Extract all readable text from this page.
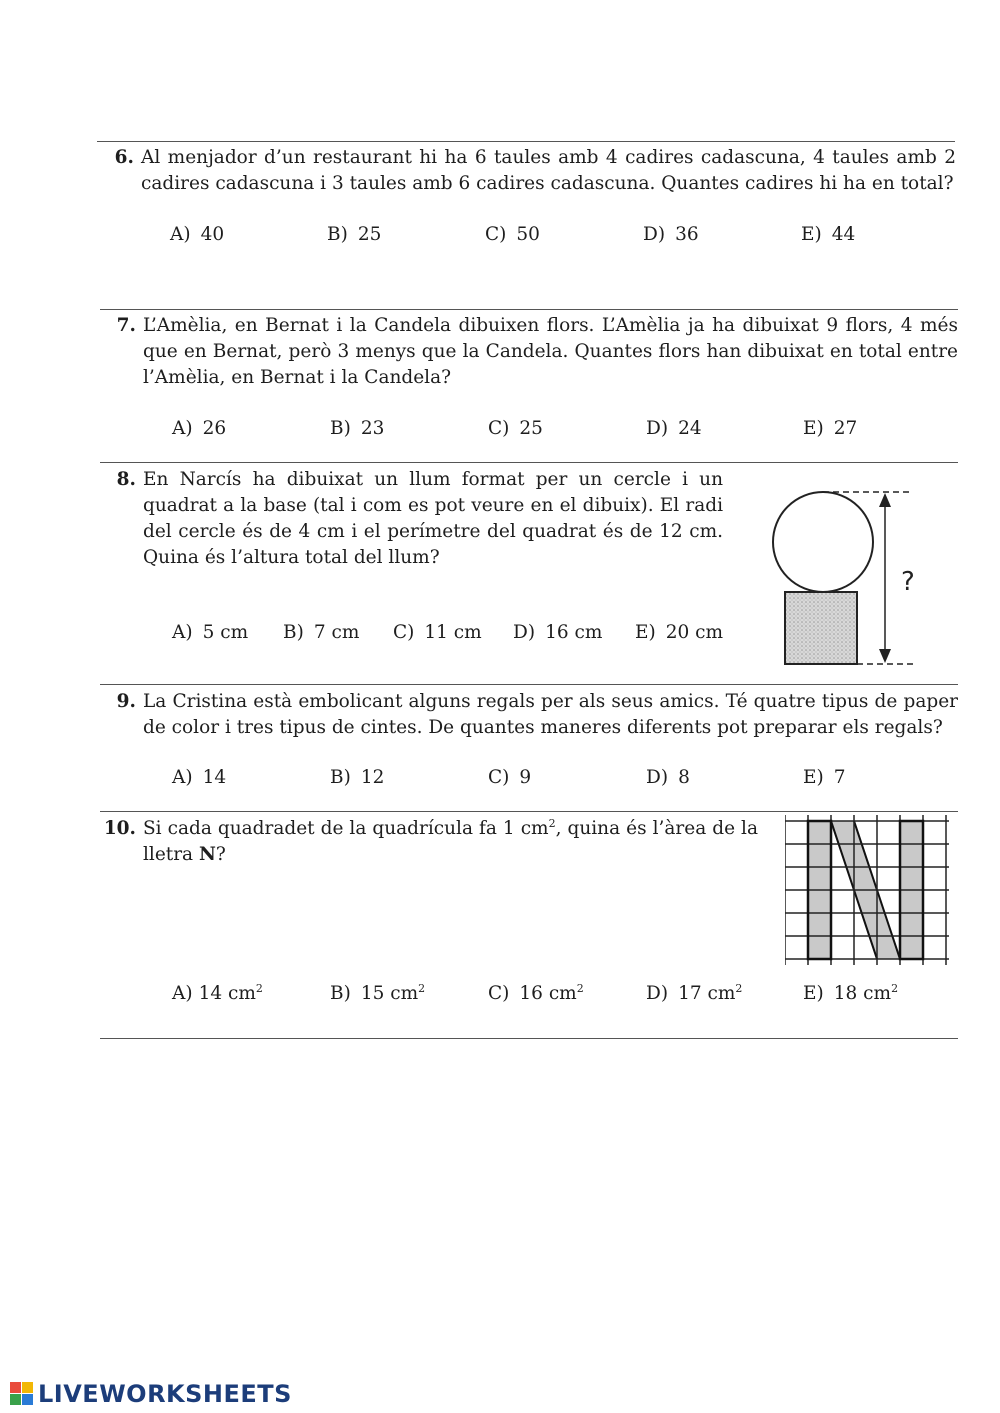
6. Al menjador d’un restaurant hi ha 6 taules amb 4 cadires cadascuna, 4 taules amb 2 cadires cadascuna i 3 taules amb 6 cadires cadascuna. Quantes cadires hi ha en total?
A) 40	B) 25	C) 50	D) 36	E) 44
7. L’Amèlia, en Bernat i la Candela dibuixen flors. L’Amèlia ja ha dibuixat 9 flors, 4 més que en Bernat, però 3 menys que la Candela. Quantes flors han dibuixat en total entre l’Amèlia, en Bernat i la Candela?
A) 26	B) 23	C) 25	D) 24	E) 27
8. En Narcís ha dibuixat un llum format per un cercle i un quadrat a la base (tal i com es pot veure en el dibuix). El radi del cercle és de 4 cm i el perímetre del quadrat és de 12 cm. Quina és l’altura total del llum?
A) 5 cm B) 7 cm C) 11 cm D) 16 cm E) 20 cm
?
9. La Cristina està embolicant alguns regals per als seus amics. Té quatre tipus de paper de color i tres tipus de cintes. De quantes maneres diferents pot preparar els regals?
A) 14	B) 12	C) 9	D) 8	E) 7
10. Si cada quadradet de la quadrícula fa 1 $cm^2$, quina és l’àrea de la lletra N?
A) 14 $cm^2$	B) 15 $cm^2$	C) 16 $cm^2$	D) 17 $cm^2$	E) 18 $cm^2$
LIVEWORKSHEETS
